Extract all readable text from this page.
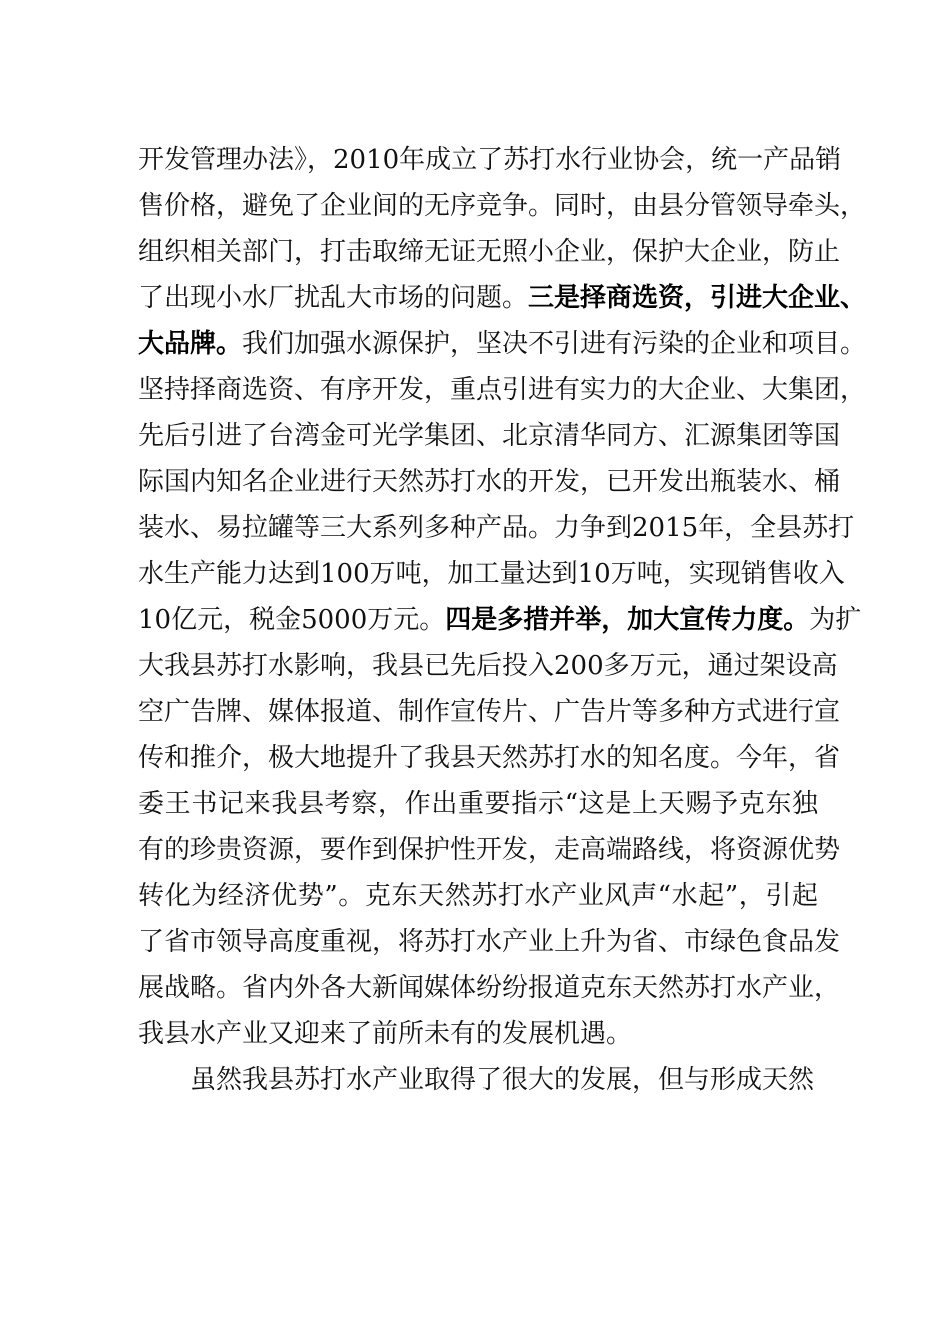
开发管理办法》，2010年成立了苏打水行业协会，统一产品销
售价格，避免了企业间的无序竞争。同时，由县分管领导牵头，
组织相关部门，打击取缔无证无照小企业，保护大企业，防止
了出现小水厂扰乱大市场的问题。三是择商选资，引进大企业、
大品牌。我们加强水源保护，坚决不引进有污染的企业和项目。
坚持择商选资、有序开发，重点引进有实力的大企业、大集团，
先后引进了台湾金可光学集团、北京清华同方、汇源集团等国
际国内知名企业进行天然苏打水的开发，已开发出瓶装水、桶
装水、易拉罐等三大系列多种产品。力争到2015年，全县苏打
水生产能力达到100万吨，加工量达到10万吨，实现销售收入
10亿元，税金5000万元。四是多措并举，加大宣传力度。为扩
大我县苏打水影响，我县已先后投入200多万元，通过架设高
空广告牌、媒体报道、制作宣传片、广告片等多种方式进行宣
传和推介，极大地提升了我县天然苏打水的知名度。今年，省
委王书记来我县考察，作出重要指示“这是上天赐予克东独
有的珍贵资源，要作到保护性开发，走高端路线，将资源优势
转化为经济优势”。克东天然苏打水产业风声“水起”，引起
了省市领导高度重视，将苏打水产业上升为省、市绿色食品发
展战略。省内外各大新闻媒体纷纷报道克东天然苏打水产业，
我县水产业又迎来了前所未有的发展机遇。
虽然我县苏打水产业取得了很大的发展，但与形成天然
